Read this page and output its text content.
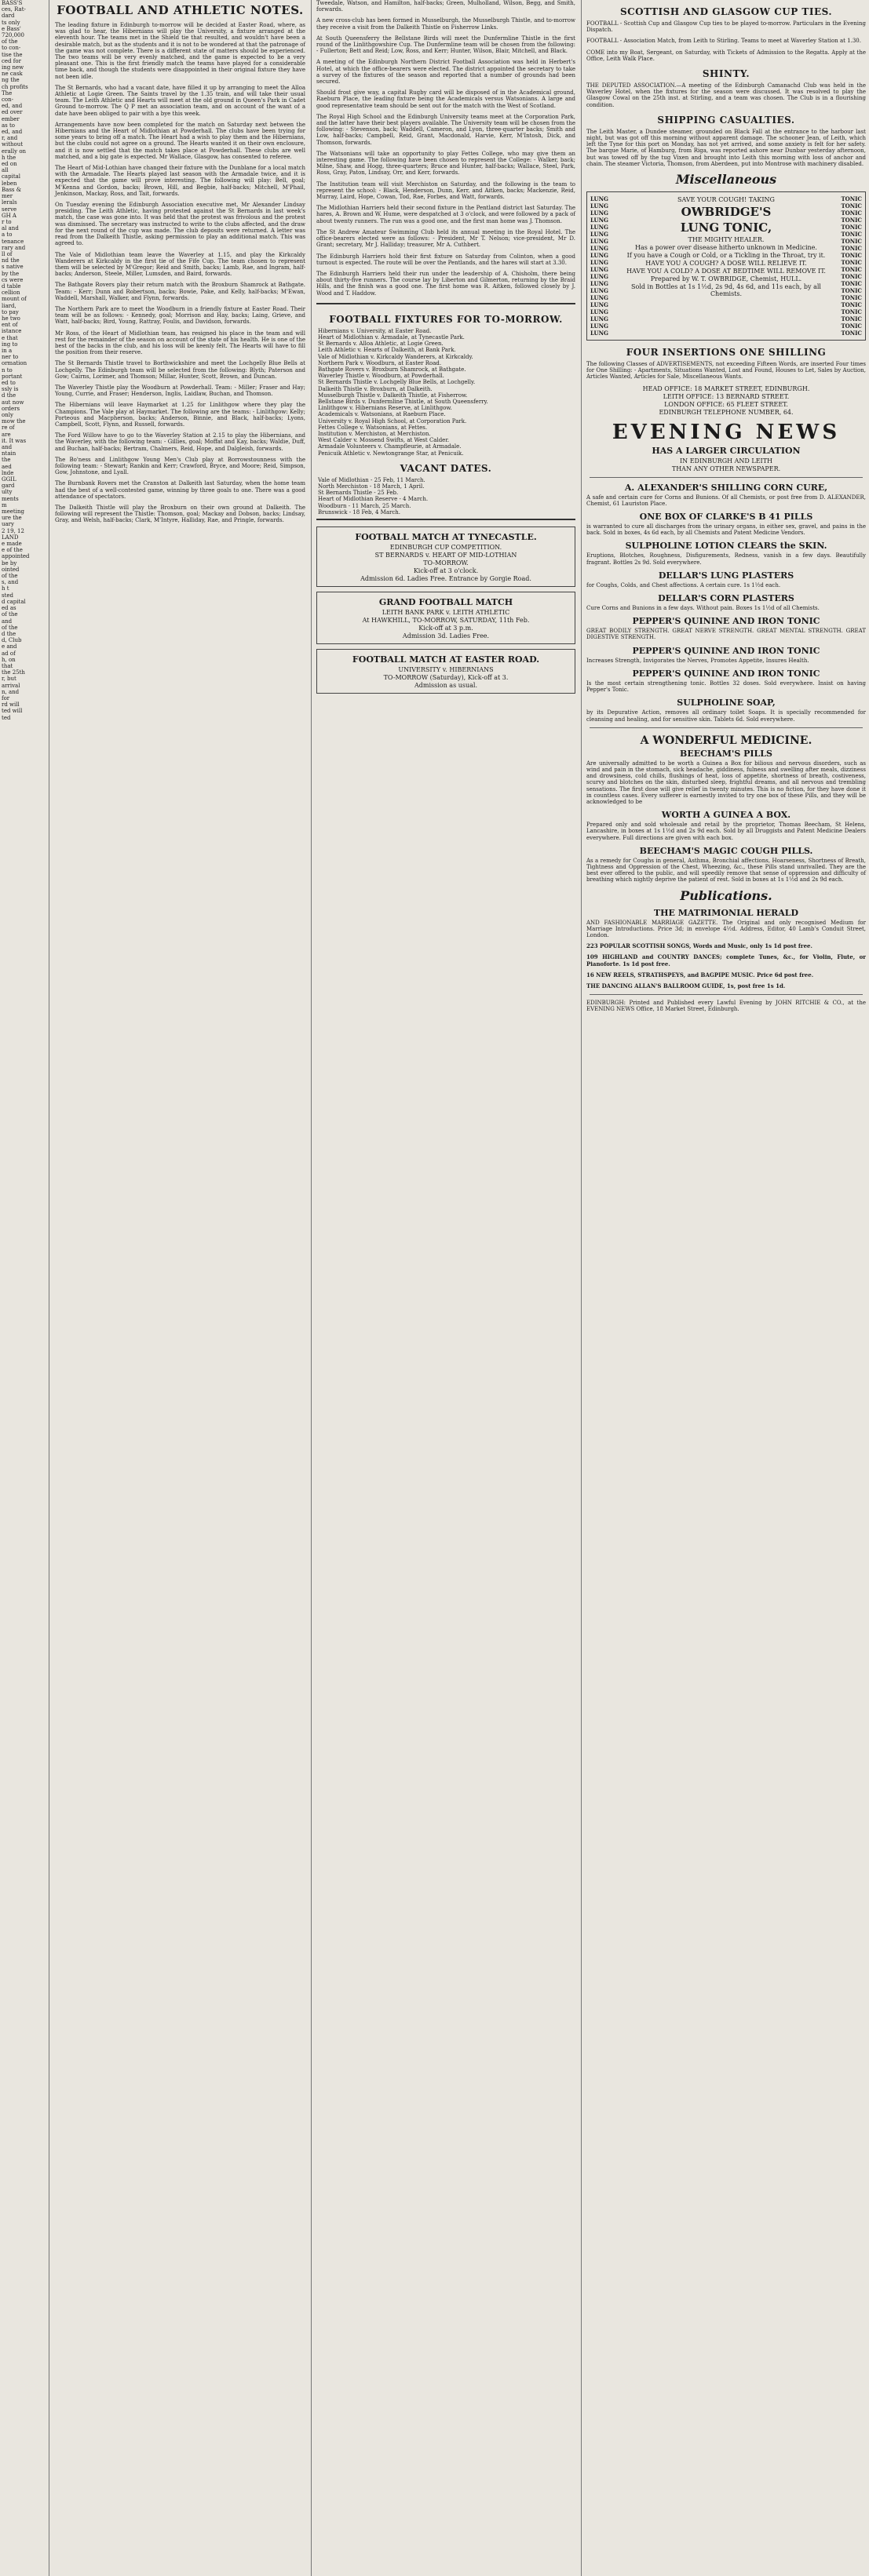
BASS'S

ces, Rat-

dard

ts only

e Bass'

720,000

of the

to con-

tise the

ced for

ing new

ne cask

ng the

ch profits

The

con-

ed, and

ed over

ember

as to

ed, and

r, and

without

erally on

h the

ed on

all

capital

leben

Bass &

mer

lerals

serve

GH A

r to

al and

a to

tenance

rary and

ll of

nd the

s native

by the

cs were

d table

cellion

mount of

liard,

to pay

he two

ent of

istance

e that

ing to

in a

ner to

ormation

n to

portant

ed to

ssly is

d the

aut now

orders

only

mow the

re of

are

it. It was

and

ntain

the

aed

lnde

GGIL

gard

ulty

ments

m

meeting

ure the

uary

2 19, 12

LAND

e made

e of the

appointed

be by

ointed

of the

s, and

h t

sted

d capital

ed as

of the

and

of the

d the

d, Club

e and

ad of

h, on

that

the 25th

r, but

arrival

n, and

for

rd will

ted will

ted

FOOTBALL AND ATHLETIC NOTES.

The leading fixture in Edinburgh to-morrow will be decided at Easter Road, where, as was glad to hear, the Hibernians will play the University, a fixture arranged at the eleventh hour. The teams met in the Shield tie that resulted, and wouldn't have been a desirable match, but as the students and it is not to be wondered at that the patronage of the game was not complete. There is a different state of matters should be experienced. The two teams will be very evenly matched, and the game is expected to be a very pleasant one. This is the first friendly match the teams have played for a considerable time back, and though the students were disappointed in their original fixture they have not been idle.

The St Bernards, who had a vacant date, have filled it up by arranging to meet the Alloa Athletic at Logie Green. The Saints travel by the 1.35 train, and will take their usual team. The Leith Athletic and Hearts will meet at the old ground in Queen's Park in Cadet Ground to-morrow. The Q P met an association team, and on account of the want of a date have been obliged to pair with a bye this week.

Arrangements have now been completed for the match on Saturday next between the Hibernians and the Heart of Midlothian at Powderhall. The clubs have been trying for some years to bring off a match. The Heart had a wish to play them and the Hibernians, but the clubs could not agree on a ground. The Hearts wanted it on their own enclosure, and it is now settled that the match takes place at Powderhall. These clubs are well matched, and a big gate is expected. Mr Wallace, Glasgow, has consented to referee.

The Heart of Mid-Lothian have changed their fixture with the Dunblane for a local match with the Armadale. The Hearts played last season with the Armadale twice, and it is expected that the game will prove interesting. The following will play: Bell, goal; M'Kenna and Gordon, backs; Brown, Hill, and Begbie, half-backs; Mitchell, M'Phail, Jenkinson, Mackay, Ross, and Tait, forwards.

On Tuesday evening the Edinburgh Association executive met, Mr Alexander Lindsay presiding. The Leith Athletic, having protested against the St Bernards in last week's match, the case was gone into. It was held that the protest was frivolous and the protest was dismissed. The secretary was instructed to write to the clubs affected, and the draw for the next round of the cup was made. The club deposits were returned. A letter was read from the Dalkeith Thistle, asking permission to play an additional match. This was agreed to.

The Vale of Midlothian team leave the Waverley at 1.15, and play the Kirkcaldy Wanderers at Kirkcaldy in the first tie of the Fife Cup. The team chosen to represent them will be selected by M'Gregor; Reid and Smith, backs; Lamb, Rae, and Ingram, half-backs; Anderson, Steele, Miller, Lumsden, and Baird, forwards.

The Bathgate Rovers play their return match with the Broxburn Shamrock at Bathgate. Team: - Kerr; Dunn and Robertson, backs; Bowie, Pake, and Kelly, half-backs; M'Ewan, Waddell, Marshall, Walker, and Flynn, forwards.

The Northern Park are to meet the Woodburn in a friendly fixture at Easter Road. Their team will be as follows: - Kennedy, goal; Morrison and Hay, backs; Laing, Grieve, and Watt, half-backs; Bird, Young, Rattray, Foulis, and Davidson, forwards.

Mr Ross, of the Heart of Midlothian team, has resigned his place in the team and will rest for the remainder of the season on account of the state of his health. He is one of the best of the backs in the club, and his loss will be keenly felt. The Hearts will have to fill the position from their reserve.

The St Bernards Thistle travel to Borthwickshire and meet the Lochgelly Blue Bells at Lochgelly. The Edinburgh team will be selected from the following: Blyth; Paterson and Gow; Cairns, Lorimer, and Thomson; Millar, Hunter, Scott, Brown, and Duncan.

The Waverley Thistle play the Woodburn at Powderhall. Team: - Miller; Fraser and Hay; Young, Currie, and Fraser; Henderson, Inglis, Laidlaw, Buchan, and Thomson.

The Hibernians will leave Haymarket at 1.25 for Linlithgow where they play the Champions. The Vale play at Haymarket. The following are the teams: - Linlithgow: Kelly; Porteous and Macpherson, backs; Anderson, Binnie, and Black, half-backs; Lyons, Campbell, Scott, Flynn, and Russell, forwards.

The Ford Willow have to go to the Waverley Station at 2.15 to play the Hibernians, and the Waverley, with the following team: - Gillies, goal; Moffat and Kay, backs; Waldie, Duff, and Buchan, half-backs; Bertram, Chalmers, Reid, Hope, and Dalgleish, forwards.

The Bo'ness and Linlithgow Young Men's Club play at Borrowstounness with the following team: - Stewart; Rankin and Kerr; Crawford, Bryce, and Moore; Reid, Simpson, Gow, Johnstone, and Lyall.

The Burnbank Rovers met the Cranston at Dalkeith last Saturday, when the home team had the best of a well-contested game, winning by three goals to one. There was a good attendance of spectators.

The Dalkeith Thistle will play the Broxburn on their own ground at Dalkeith. The following will represent the Thistle: Thomson, goal; Mackay and Dobson, backs; Lindsay, Gray, and Welsh, half-backs; Clark, M'Intyre, Halliday, Rae, and Pringle, forwards.

Tweedale, Watson, and Hamilton, half-backs; Green, Mulholland, Wilson, Begg, and Smith, forwards.

A new cross-club has been formed in Musselburgh, the Musselburgh Thistle, and to-morrow they receive a visit from the Dalkeith Thistle on Fisherrow Links.

At South Queensferry the Bellstane Birds will meet the Dunfermline Thistle in the first round of the Linlithgowshire Cup. The Dunfermline team will be chosen from the following: - Fullerton; Bett and Reid; Low, Ross, and Kerr; Hunter, Wilson, Blair, Mitchell, and Black.

A meeting of the Edinburgh Northern District Football Association was held in Herbert's Hotel, at which the office-bearers were elected. The district appointed the secretary to take a survey of the fixtures of the season and reported that a number of grounds had been secured.

Should frost give way, a capital Rugby card will be disposed of in the Academical ground, Raeburn Place, the leading fixture being the Academicals versus Watsonians. A large and good representative team should be sent out for the match with the West of Scotland.

The Royal High School and the Edinburgh University teams meet at the Corporation Park, and the latter have their best players available. The University team will be chosen from the following: - Stevenson, back; Waddell, Cameron, and Lyon, three-quarter backs; Smith and Low, half-backs; Campbell, Reid, Grant, Macdonald, Harvie, Kerr, M'Intosh, Dick, and Thomson, forwards.

The Watsonians will take an opportunity to play Fettes College, who may give them an interesting game. The following have been chosen to represent the College: - Walker, back; Milne, Shaw, and Hogg, three-quarters; Bruce and Hunter, half-backs; Wallace, Steel, Park, Ross, Gray, Paton, Lindsay, Orr, and Kerr, forwards.

The Institution team will visit Merchiston on Saturday, and the following is the team to represent the school: - Black, Henderson, Dunn, Kerr, and Aitken, backs; Mackenzie, Reid, Murray, Laird, Hope, Cowan, Tod, Rae, Forbes, and Watt, forwards.

The Midlothian Harriers held their second fixture in the Pentland district last Saturday. The hares, A. Brown and W. Hume, were despatched at 3 o'clock, and were followed by a pack of about twenty runners. The run was a good one, and the first man home was J. Thomson.

The St Andrew Amateur Swimming Club held its annual meeting in the Royal Hotel. The office-bearers elected were as follows: - President, Mr T. Nelson; vice-president, Mr D. Grant; secretary, Mr J. Halliday; treasurer, Mr A. Cuthbert.

The Edinburgh Harriers hold their first fixture on Saturday from Colinton, when a good turnout is expected. The route will be over the Pentlands, and the hares will start at 3.30.

The Edinburgh Harriers held their run under the leadership of A. Chisholm, there being about thirty-five runners. The course lay by Liberton and Gilmerton, returning by the Braid Hills, and the finish was a good one. The first home was R. Aitken, followed closely by J. Wood and T. Haddow.

FOOTBALL FIXTURES FOR TO-MORROW.

Hibernians v. University, at Easter Road.

Heart of Midlothian v. Armadale, at Tynecastle Park.

St Bernards v. Alloa Athletic, at Logie Green.

Leith Athletic v. Hearts of Dalkeith, at Bank Park.

Vale of Midlothian v. Kirkcaldy Wanderers, at Kirkcaldy.

Northern Park v. Woodburn, at Easter Road.

Bathgate Rovers v. Broxburn Shamrock, at Bathgate.

Waverley Thistle v. Woodburn, at Powderhall.

St Bernards Thistle v. Lochgelly Blue Bells, at Lochgelly.

Dalkeith Thistle v. Broxburn, at Dalkeith.

Musselburgh Thistle v. Dalkeith Thistle, at Fisherrow.

Bellstane Birds v. Dunfermline Thistle, at South Queensferry.

Linlithgow v. Hibernians Reserve, at Linlithgow.

Academicals v. Watsonians, at Raeburn Place.

University v. Royal High School, at Corporation Park.

Fettes College v. Watsonians, at Fettes.

Institution v. Merchiston, at Merchiston.

West Calder v. Mossend Swifts, at West Calder.

Armadale Volunteers v. Champfleurie, at Armadale.

Penicuik Athletic v. Newtongrange Star, at Penicuik.

VACANT DATES.

Vale of Midlothian - 25 Feb, 11 March.

North Merchiston - 18 March, 1 April.

St Bernards Thistle - 25 Feb.

Heart of Midlothian Reserve - 4 March.

Woodburn - 11 March, 25 March.

Brunswick - 18 Feb, 4 March.

FOOTBALL MATCH AT TYNECASTLE.
EDINBURGH CUP COMPETITION.

ST BERNARDS v. HEART OF MID-LOTHIAN

TO-MORROW.

Kick-off at 3 o'clock.

Admission 6d. Ladies Free. Entrance by Gorgie Road.

GRAND FOOTBALL MATCH

LEITH BANK PARK v. LEITH ATHLETIC

At HAWKHILL, TO-MORROW, SATURDAY, 11th Feb.

Kick-off at 3 p.m.

Admission 3d. Ladies Free.

FOOTBALL MATCH AT EASTER ROAD.

UNIVERSITY v. HIBERNIANS

TO-MORROW (Saturday), Kick-off at 3.

Admission as usual.

SCOTTISH AND GLASGOW CUP TIES.

FOOTBALL - Scottish Cup and Glasgow Cup ties to be played to-morrow. Particulars in the Evening Dispatch.

FOOTBALL - Association Match, from Leith to Stirling. Teams to meet at Waverley Station at 1.30.

COME into my Boat, Sergeant, on Saturday, with Tickets of Admission to the Regatta. Apply at the Office, Leith Walk Place.

SHINTY.

THE DEPUTED ASSOCIATION.—A meeting of the Edinburgh Camanachd Club was held in the Waverley Hotel, when the fixtures for the season were discussed. It was resolved to play the Glasgow Cowal on the 25th inst. at Stirling, and a team was chosen. The Club is in a flourishing condition.

SHIPPING CASUALTIES.

The Leith Master, a Dundee steamer, grounded on Black Fall at the entrance to the harbour last night, but was got off this morning without apparent damage. The schooner Jean, of Leith, which left the Tyne for this port on Monday, has not yet arrived, and some anxiety is felt for her safety. The barque Marie, of Hamburg, from Riga, was reported ashore near Dunbar yesterday afternoon, but was towed off by the tug Vixen and brought into Leith this morning with loss of anchor and chain. The steamer Victoria, Thomson, from Aberdeen, put into Montrose with machinery disabled.

Miscellaneous
LUNG LUNG LUNG LUNG LUNG LUNG LUNG LUNG LUNG LUNG LUNG LUNG LUNG LUNG LUNG LUNG LUNG LUNG LUNG LUNG
SAVE YOUR COUGH! TAKING
OWBRIDGE'S
LUNG TONIC,
THE MIGHTY HEALER.

Has a power over disease hitherto unknown in Medicine.

If you have a Cough or Cold, or a Tickling in the Throat, try it.

HAVE YOU A COUGH? A DOSE WILL RELIEVE IT.

HAVE YOU A COLD? A DOSE AT BEDTIME WILL REMOVE IT.

Prepared by W. T. OWBRIDGE, Chemist, HULL.

Sold in Bottles at 1s 1½d, 2s 9d, 4s 6d, and 11s each, by all Chemists.

TONIC TONIC TONIC TONIC TONIC TONIC TONIC TONIC TONIC TONIC TONIC TONIC TONIC TONIC TONIC TONIC TONIC TONIC TONIC TONIC
FOUR INSERTIONS ONE SHILLING

The following Classes of ADVERTISEMENTS, not exceeding Fifteen Words, are inserted Four times for One Shilling: - Apartments, Situations Wanted, Lost and Found, Houses to Let, Sales by Auction, Articles Wanted, Articles for Sale, Miscellaneous Wants.

HEAD OFFICE: 18 MARKET STREET, EDINBURGH.

LEITH OFFICE: 13 BERNARD STREET.

LONDON OFFICE: 65 FLEET STREET.

EDINBURGH TELEPHONE NUMBER, 64.

EVENING NEWS
HAS A LARGER CIRCULATION
IN EDINBURGH AND LEITH
THAN ANY OTHER NEWSPAPER.
A. ALEXANDER'S SHILLING CORN CURE,

A safe and certain cure for Corns and Bunions. Of all Chemists, or post free from D. ALEXANDER, Chemist, 61 Lauriston Place.

ONE BOX OF CLARKE'S B 41 PILLS

is warranted to cure all discharges from the urinary organs, in either sex, gravel, and pains in the back. Sold in boxes, 4s 6d each, by all Chemists and Patent Medicine Vendors.

SULPHOLINE LOTION CLEARS the SKIN.

Eruptions, Blotches, Roughness, Disfigurements, Redness, vanish in a few days. Beautifully fragrant. Bottles 2s 9d. Sold everywhere.

DELLAR'S LUNG PLASTERS

for Coughs, Colds, and Chest affections. A certain cure. 1s 1½d each.

DELLAR'S CORN PLASTERS

Cure Corns and Bunions in a few days. Without pain. Boxes 1s 1½d of all Chemists.

PEPPER'S QUININE AND IRON TONIC

GREAT BODILY STRENGTH. GREAT NERVE STRENGTH. GREAT MENTAL STRENGTH. GREAT DIGESTIVE STRENGTH.

PEPPER'S QUININE AND IRON TONIC

Increases Strength, Invigorates the Nerves, Promotes Appetite, Insures Health.

PEPPER'S QUININE AND IRON TONIC

Is the most certain strengthening tonic. Bottles 32 doses. Sold everywhere. Insist on having Pepper's Tonic.

SULPHOLINE SOAP,

by its Depurative Action, removes all ordinary toilet Soaps. It is specially recommended for cleansing and healing, and for sensitive skin. Tablets 6d. Sold everywhere.

A WONDERFUL MEDICINE.
BEECHAM'S PILLS

Are universally admitted to be worth a Guinea a Box for bilious and nervous disorders, such as wind and pain in the stomach, sick headache, giddiness, fulness and swelling after meals, dizziness and drowsiness, cold chills, flushings of heat, loss of appetite, shortness of breath, costiveness, scurvy and blotches on the skin, disturbed sleep, frightful dreams, and all nervous and trembling sensations. The first dose will give relief in twenty minutes. This is no fiction, for they have done it in countless cases. Every sufferer is earnestly invited to try one box of these Pills, and they will be acknowledged to be

WORTH A GUINEA A BOX.

Prepared only and sold wholesale and retail by the proprietor, Thomas Beecham, St Helens, Lancashire, in boxes at 1s 1½d and 2s 9d each. Sold by all Druggists and Patent Medicine Dealers everywhere. Full directions are given with each box.

BEECHAM'S MAGIC COUGH PILLS.

As a remedy for Coughs in general, Asthma, Bronchial affections, Hoarseness, Shortness of Breath, Tightness and Oppression of the Chest, Wheezing, &c., these Pills stand unrivalled. They are the best ever offered to the public, and will speedily remove that sense of oppression and difficulty of breathing which nightly deprive the patient of rest. Sold in boxes at 1s 1½d and 2s 9d each.

Publications.
THE MATRIMONIAL HERALD

AND FASHIONABLE MARRIAGE GAZETTE. The Original and only recognised Medium for Marriage Introductions. Price 3d; in envelope 4½d. Address, Editor, 40 Lamb's Conduit Street, London.

223 POPULAR SCOTTISH SONGS, Words and Music, only 1s 1d post free.

109 HIGHLAND and COUNTRY DANCES; complete Tunes, &c., for Violin, Flute, or Pianoforte. 1s 1d post free.

16 NEW REELS, STRATHSPEYS, and BAGPIPE MUSIC. Price 6d post free.

THE DANCING ALLAN'S BALLROOM GUIDE, 1s, post free 1s 1d.

EDINBURGH: Printed and Published every Lawful Evening by JOHN RITCHIE & CO., at the EVENING NEWS Office, 18 Market Street, Edinburgh.
